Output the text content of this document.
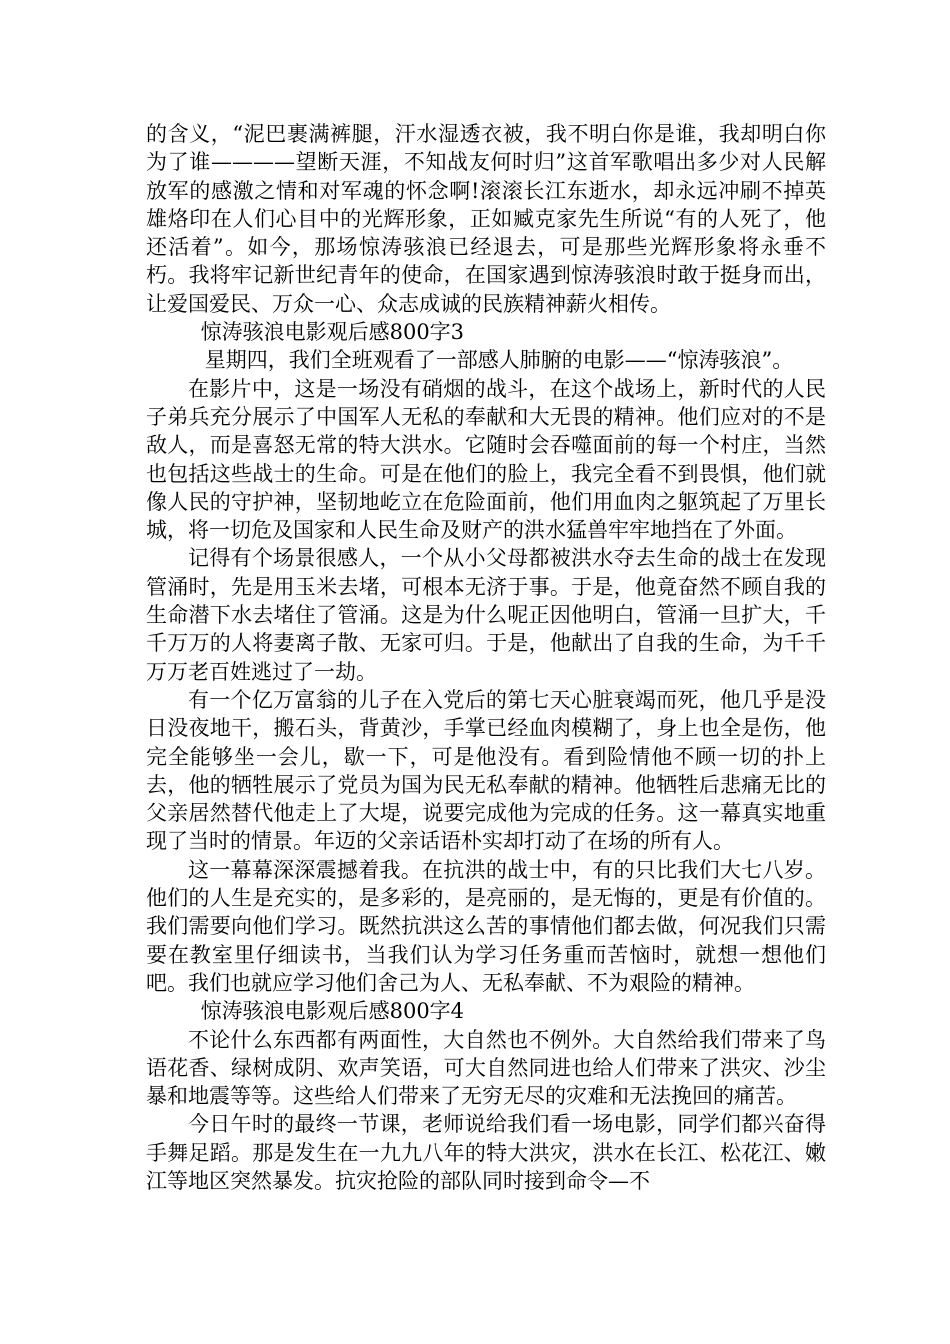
的含义，“泥巴裹满裤腿，汗水湿透衣被，我不明白你是谁，我却明白你为了谁————望断天涯，不知战友何时归”这首军歌唱出多少对人民解放军的感激之情和对军魂的怀念啊!滚滚长江东逝水，却永远冲刷不掉英雄烙印在人们心目中的光辉形象，正如臧克家先生所说“有的人死了，他还活着”。如今，那场惊涛骇浪已经退去，可是那些光辉形象将永垂不朽。我将牢记新世纪青年的使命，在国家遇到惊涛骇浪时敢于挺身而出，让爱国爱民、万众一心、众志成诚的民族精神薪火相传。

惊涛骇浪电影观后感800字3

星期四，我们全班观看了一部感人肺腑的电影——“惊涛骇浪”。

在影片中，这是一场没有硝烟的战斗，在这个战场上，新时代的人民子弟兵充分展示了中国军人无私的奉献和大无畏的精神。他们应对的不是敌人，而是喜怒无常的特大洪水。它随时会吞噬面前的每一个村庄，当然也包括这些战士的生命。可是在他们的脸上，我完全看不到畏惧，他们就像人民的守护神，坚韧地屹立在危险面前，他们用血肉之躯筑起了万里长城，将一切危及国家和人民生命及财产的洪水猛兽牢牢地挡在了外面。

记得有个场景很感人，一个从小父母都被洪水夺去生命的战士在发现管涌时，先是用玉米去堵，可根本无济于事。于是，他竟奋然不顾自我的生命潜下水去堵住了管涌。这是为什么呢正因他明白，管涌一旦扩大，千千万万的人将妻离子散、无家可归。于是，他献出了自我的生命，为千千万万老百姓逃过了一劫。

有一个亿万富翁的儿子在入党后的第七天心脏衰竭而死，他几乎是没日没夜地干，搬石头，背黄沙，手掌已经血肉模糊了，身上也全是伤，他完全能够坐一会儿，歇一下，可是他没有。看到险情他不顾一切的扑上去，他的牺牲展示了党员为国为民无私奉献的精神。他牺牲后悲痛无比的父亲居然替代他走上了大堤，说要完成他为完成的任务。这一幕真实地重现了当时的情景。年迈的父亲话语朴实却打动了在场的所有人。

这一幕幕深深震撼着我。在抗洪的战士中，有的只比我们大七八岁。他们的人生是充实的，是多彩的，是亮丽的，是无悔的，更是有价值的。我们需要向他们学习。既然抗洪这么苦的事情他们都去做，何况我们只需要在教室里仔细读书，当我们认为学习任务重而苦恼时，就想一想他们吧。我们也就应学习他们舍己为人、无私奉献、不为艰险的精神。

惊涛骇浪电影观后感800字4

不论什么东西都有两面性，大自然也不例外。大自然给我们带来了鸟语花香、绿树成阴、欢声笑语，可大自然同进也给人们带来了洪灾、沙尘暴和地震等等。这些给人们带来了无穷无尽的灾难和无法挽回的痛苦。

今日午时的最终一节课，老师说给我们看一场电影，同学们都兴奋得手舞足蹈。那是发生在一九九八年的特大洪灾，洪水在长江、松花江、嫩江等地区突然暴发。抗灾抢险的部队同时接到命令—不
